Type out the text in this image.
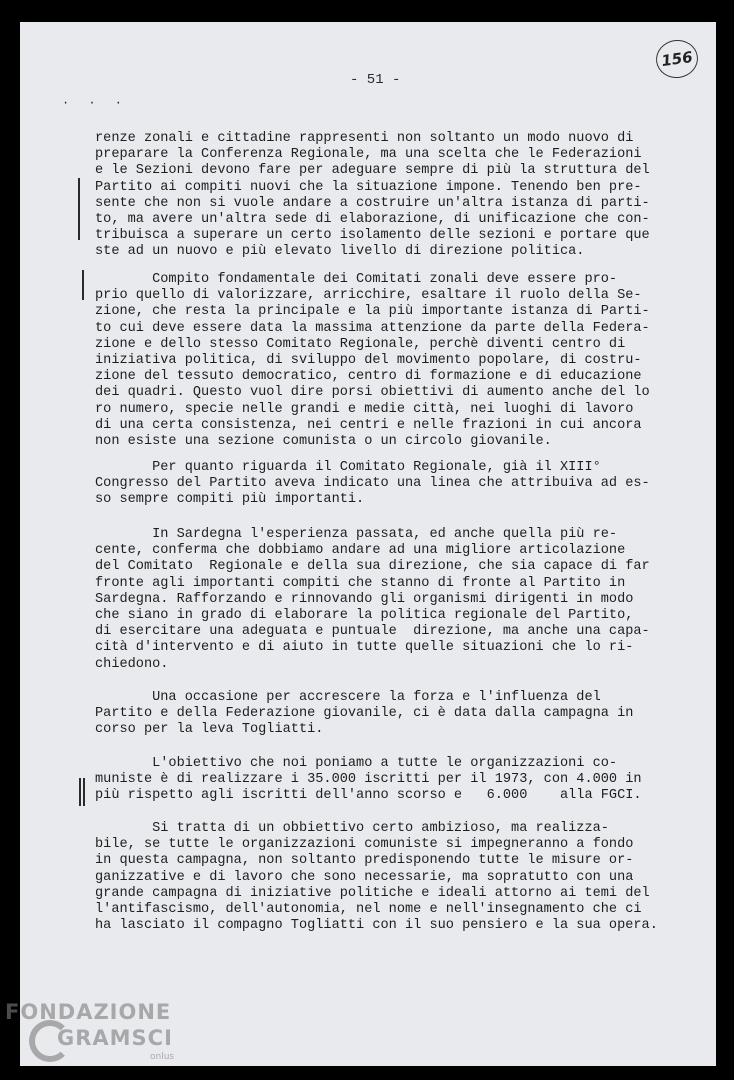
- 51 -
156
· · ·
renze zonali e cittadine rappresenti non soltanto un modo nuovo di
preparare la Conferenza Regionale, ma una scelta che le Federazioni
e le Sezioni devono fare per adeguare sempre di più la struttura del
Partito ai compiti nuovi che la situazione impone. Tenendo ben pre-
sente che non si vuole andare a costruire un'altra istanza di parti-
to, ma avere un'altra sede di elaborazione, di unificazione che con-
tribuisca a superare un certo isolamento delle sezioni e portare que
ste ad un nuovo e più elevato livello di direzione politica.
Compito fondamentale dei Comitati zonali deve essere pro-
prio quello di valorizzare, arricchire, esaltare il ruolo della Se-
zione, che resta la principale e la più importante istanza di Parti-
to cui deve essere data la massima attenzione da parte della Federa-
zione e dello stesso Comitato Regionale, perchè diventi centro di
iniziativa politica, di sviluppo del movimento popolare, di costru-
zione del tessuto democratico, centro di formazione e di educazione
dei quadri. Questo vuol dire porsi obiettivi di aumento anche del lo
ro numero, specie nelle grandi e medie città, nei luoghi di lavoro
di una certa consistenza, nei centri e nelle frazioni in cui ancora
non esiste una sezione comunista o un circolo giovanile.
Per quanto riguarda il Comitato Regionale, già il XIII°
Congresso del Partito aveva indicato una linea che attribuiva ad es-
so sempre compiti più importanti.
In Sardegna l'esperienza passata, ed anche quella più re-
cente, conferma che dobbiamo andare ad una migliore articolazione
del Comitato  Regionale e della sua direzione, che sia capace di far
fronte agli importanti compiti che stanno di fronte al Partito in
Sardegna. Rafforzando e rinnovando gli organismi dirigenti in modo
che siano in grado di elaborare la politica regionale del Partito,
di esercitare una adeguata e puntuale  direzione, ma anche una capa-
cità d'intervento e di aiuto in tutte quelle situazioni che lo ri-
chiedono.
Una occasione per accrescere la forza e l'influenza del
Partito e della Federazione giovanile, ci è data dalla campagna in
corso per la leva Togliatti.
L'obiettivo che noi poniamo a tutte le organizzazioni co-
muniste è di realizzare i 35.000 iscritti per il 1973, con 4.000 in
più rispetto agli iscritti dell'anno scorso e   6.000    alla FGCI.
Si tratta di un obbiettivo certo ambizioso, ma realizza-
bile, se tutte le organizzazioni comuniste si impegneranno a fondo
in questa campagna, non soltanto predisponendo tutte le misure or-
ganizzative e di lavoro che sono necessarie, ma sopratutto con una
grande campagna di iniziative politiche e ideali attorno ai temi del
l'antifascismo, dell'autonomia, nel nome e nell'insegnamento che ci
ha lasciato il compagno Togliatti con il suo pensiero e la sua opera.
FONDAZIONE
GRAMSCI
onlus
